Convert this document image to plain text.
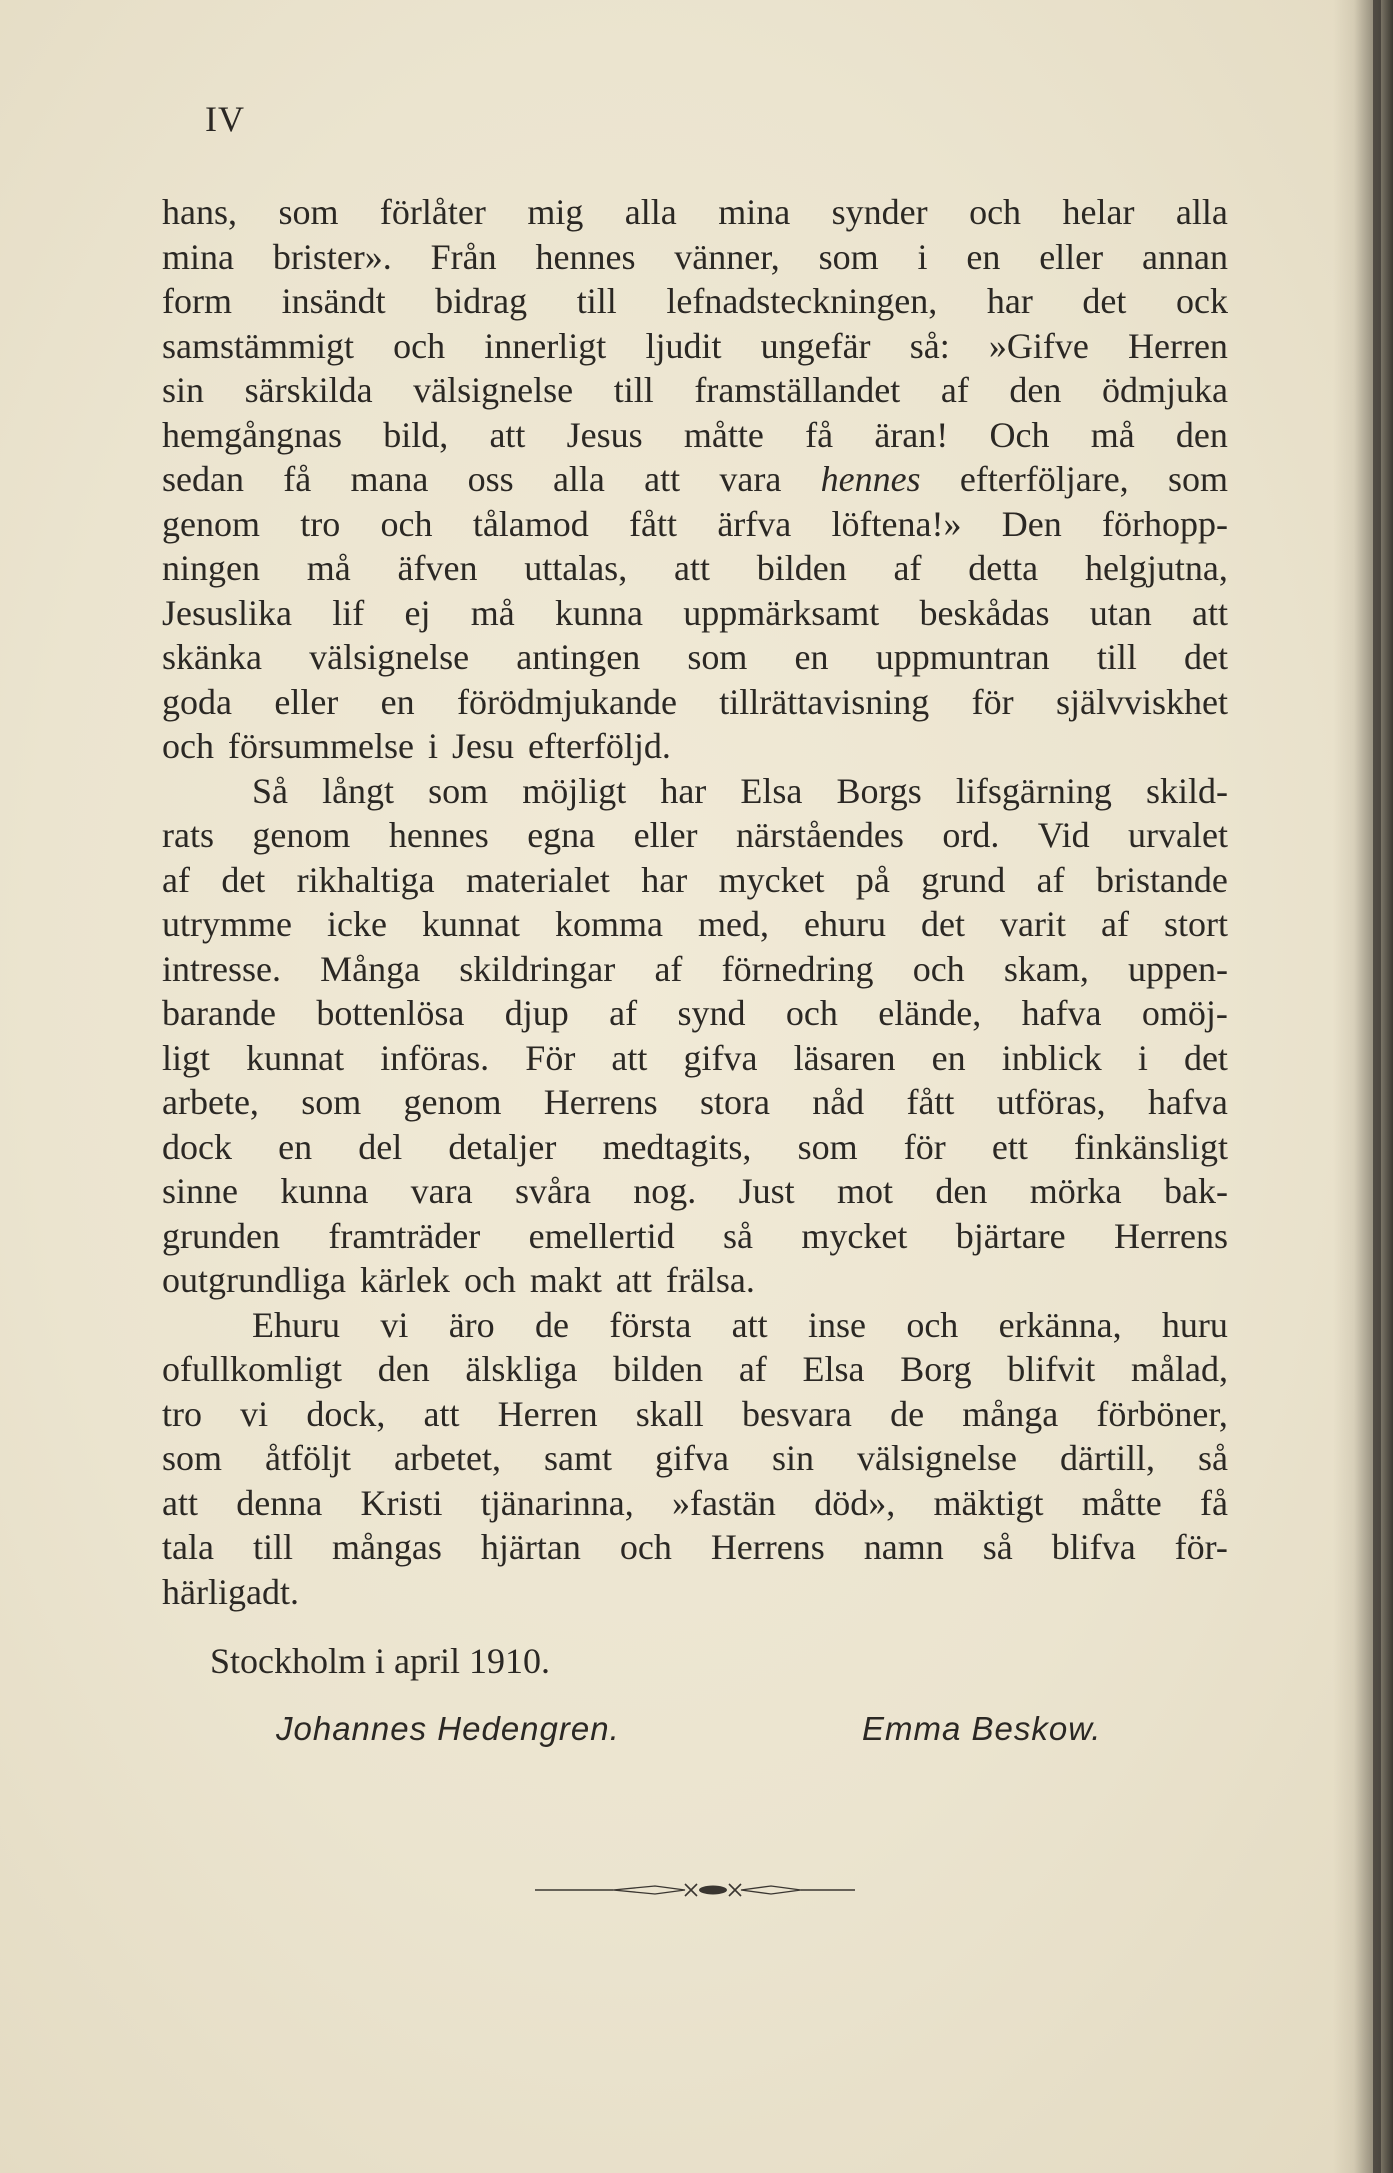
IV

hans, som förlåter mig alla mina synder och helar alla
mina brister». Från hennes vänner, som i en eller annan
form insändt bidrag till lefnadsteckningen, har det ock
samstämmigt och innerligt ljudit ungefär så: »Gifve Herren
sin särskilda välsignelse till framställandet af den ödmjuka
hemgångnas bild, att Jesus måtte få äran! Och må den
sedan få mana oss alla att vara hennes efterföljare, som
genom tro och tålamod fått ärfva löftena!» Den förhopp-
ningen må äfven uttalas, att bilden af detta helgjutna,
Jesuslika lif ej må kunna uppmärksamt beskådas utan att
skänka välsignelse antingen som en uppmuntran till det
goda eller en förödmjukande tillrättavisning för självviskhet
och försummelse i Jesu efterföljd.
Så långt som möjligt har Elsa Borgs lifsgärning skild-
rats genom hennes egna eller närståendes ord. Vid urvalet
af det rikhaltiga materialet har mycket på grund af bristande
utrymme icke kunnat komma med, ehuru det varit af stort
intresse. Många skildringar af förnedring och skam, uppen-
barande bottenlösa djup af synd och elände, hafva omöj-
ligt kunnat införas. För att gifva läsaren en inblick i det
arbete, som genom Herrens stora nåd fått utföras, hafva
dock en del detaljer medtagits, som för ett finkänsligt
sinne kunna vara svåra nog. Just mot den mörka bak-
grunden framträder emellertid så mycket bjärtare Herrens
outgrundliga kärlek och makt att frälsa.
Ehuru vi äro de första att inse och erkänna, huru
ofullkomligt den älskliga bilden af Elsa Borg blifvit målad,
tro vi dock, att Herren skall besvara de många förböner,
som åtföljt arbetet, samt gifva sin välsignelse därtill, så
att denna Kristi tjänarinna, »fastän död», mäktigt måtte få
tala till mångas hjärtan och Herrens namn så blifva för-
härligadt.

Stockholm i april 1910.

Johannes Hedengren.	Emma Beskow.
